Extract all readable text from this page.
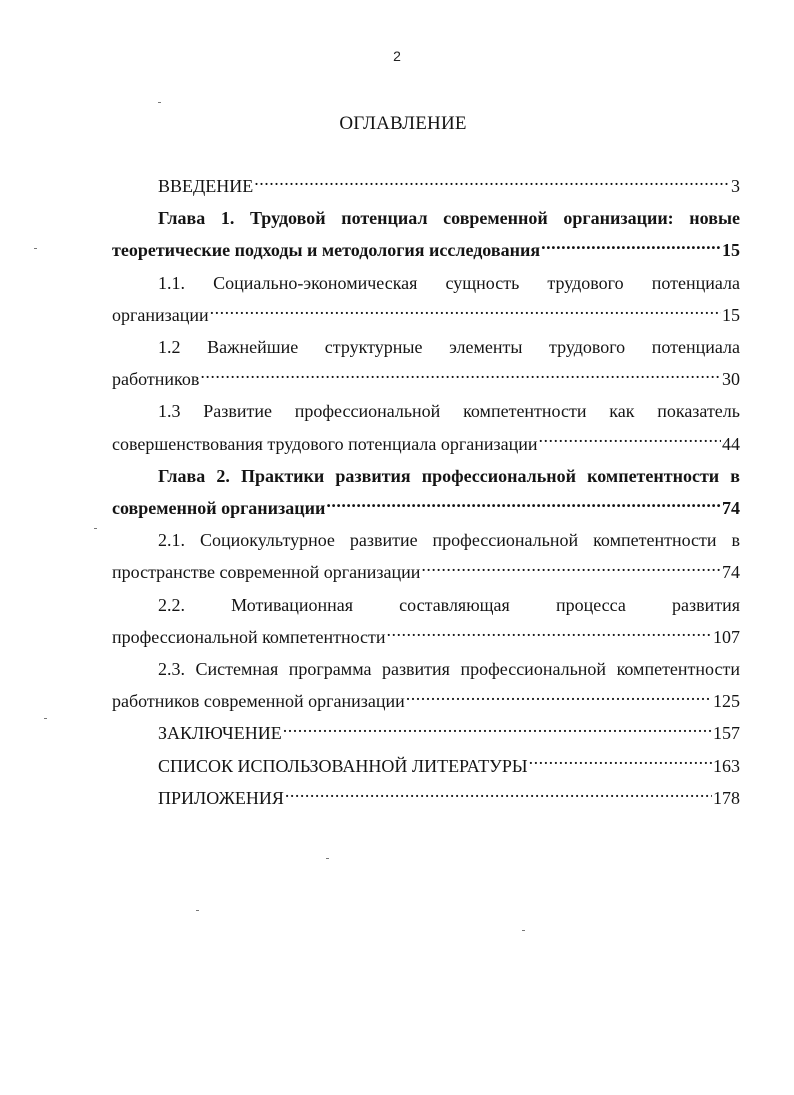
2
ОГЛАВЛЕНИЕ
ВВЕДЕНИЕ .....	3
Глава 1. Трудовой потенциал современной организации: новые
теоретические подходы и методология исследования .....	15
1.1. Социально-экономическая сущность трудового потенциала
организации .....	15
1.2 Важнейшие структурные элементы трудового потенциала
работников .....	30
1.3 Развитие профессиональной компетентности как показатель
совершенствования трудового потенциала организации .....	44
Глава 2. Практики развития профессиональной компетентности в
современной организации .....	74
2.1. Социокультурное развитие профессиональной компетентности в
пространстве современной организации .....	74
2.2. Мотивационная составляющая процесса развития
профессиональной компетентности .....	107
2.3. Системная программа развития профессиональной компетентности
работников современной организации .....	125
ЗАКЛЮЧЕНИЕ .....	157
СПИСОК ИСПОЛЬЗОВАННОЙ ЛИТЕРАТУРЫ .....	163
ПРИЛОЖЕНИЯ .....	178
